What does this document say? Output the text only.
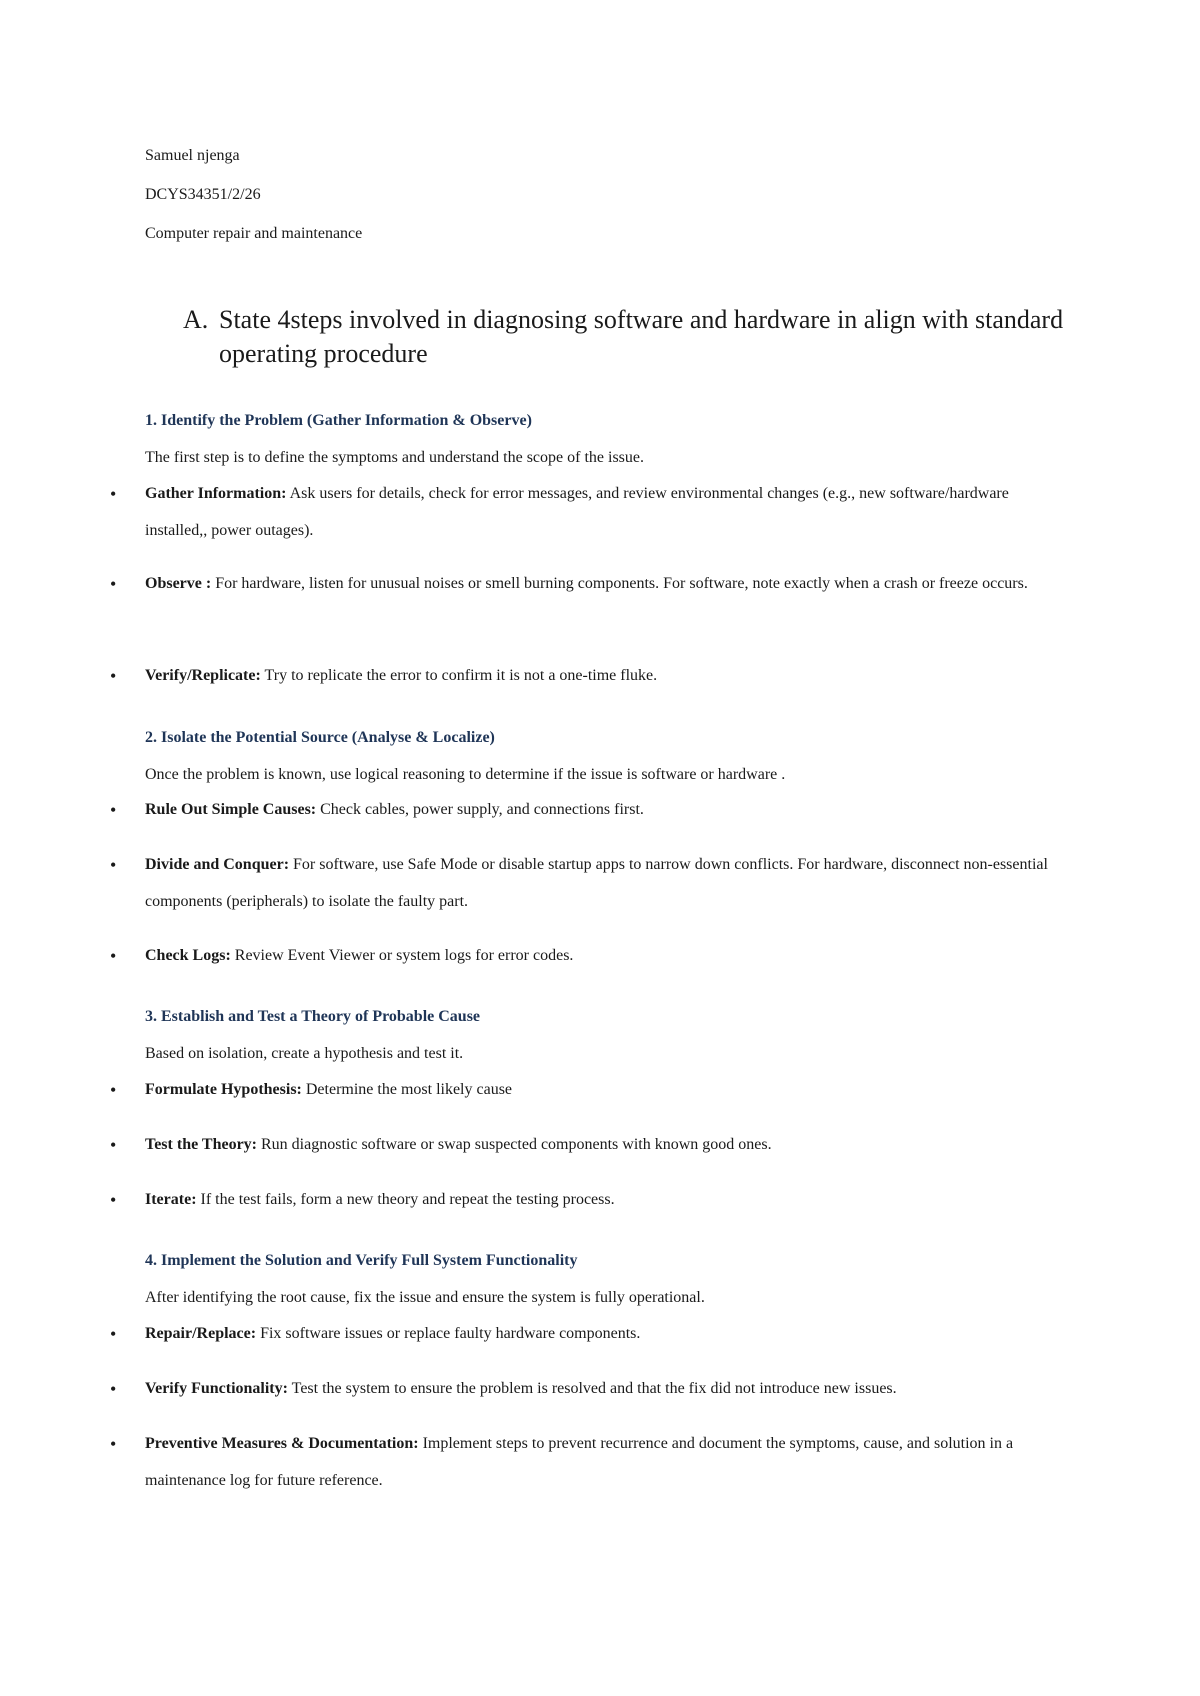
Samuel njenga
DCYS34351/2/26
Computer repair and maintenance
A. State 4steps involved in diagnosing software and hardware in align with standard operating procedure
1. Identify the Problem (Gather Information & Observe)
The first step is to define the symptoms and understand the scope of the issue.
• Gather Information: Ask users for details, check for error messages, and review environmental changes (e.g., new software/hardware installed,, power outages).
• Observe : For hardware, listen for unusual noises or smell burning components. For software, note exactly when a crash or freeze occurs.
• Verify/Replicate: Try to replicate the error to confirm it is not a one-time fluke.
2. Isolate the Potential Source (Analyse & Localize)
Once the problem is known, use logical reasoning to determine if the issue is software or hardware .
• Rule Out Simple Causes: Check cables, power supply, and connections first.
• Divide and Conquer: For software, use Safe Mode or disable startup apps to narrow down conflicts. For hardware, disconnect non-essential components (peripherals) to isolate the faulty part.
• Check Logs: Review Event Viewer or system logs for error codes.
3. Establish and Test a Theory of Probable Cause
Based on isolation, create a hypothesis and test it.
• Formulate Hypothesis: Determine the most likely cause
• Test the Theory: Run diagnostic software or swap suspected components with known good ones.
• Iterate: If the test fails, form a new theory and repeat the testing process.
4. Implement the Solution and Verify Full System Functionality
After identifying the root cause, fix the issue and ensure the system is fully operational.
• Repair/Replace: Fix software issues or replace faulty hardware components.
• Verify Functionality: Test the system to ensure the problem is resolved and that the fix did not introduce new issues.
• Preventive Measures & Documentation: Implement steps to prevent recurrence and document the symptoms, cause, and solution in a maintenance log for future reference.
